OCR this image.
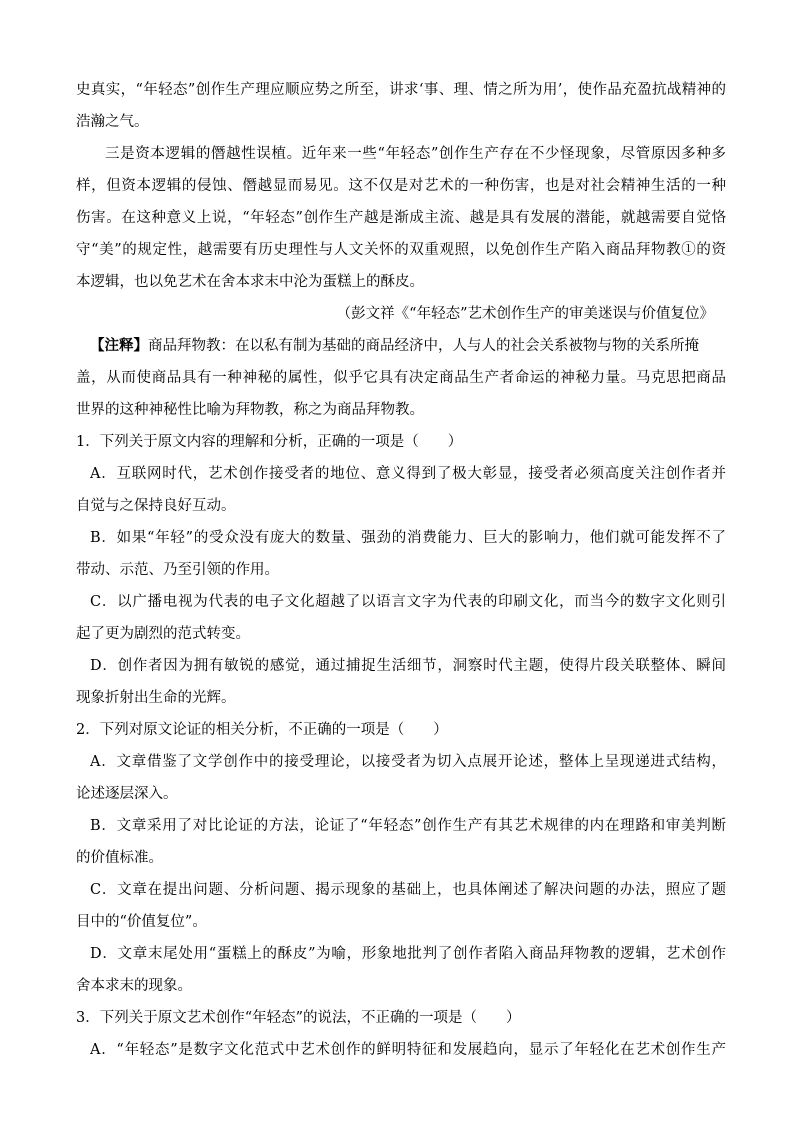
史真实，“年轻态”创作生产理应顺应势之所至，讲求‘事、理、情之所为用’，使作品充盈抗战精神的
浩瀚之气。
三是资本逻辑的僭越性误植。近年来一些“年轻态”创作生产存在不少怪现象，尽管原因多种多
样，但资本逻辑的侵蚀、僭越显而易见。这不仅是对艺术的一种伤害，也是对社会精神生活的一种
伤害。在这种意义上说，“年轻态”创作生产越是渐成主流、越是具有发展的潜能，就越需要自觉恪
守“美”的规定性，越需要有历史理性与人文关怀的双重观照，以免创作生产陷入商品拜物教①的资
本逻辑，也以免艺术在舍本求末中沦为蛋糕上的酥皮。
（彭文祥《“年轻态”艺术创作生产的审美迷误与价值复位》
【注释】商品拜物教：在以私有制为基础的商品经济中，人与人的社会关系被物与物的关系所掩
盖，从而使商品具有一种神秘的属性，似乎它具有决定商品生产者命运的神秘力量。马克思把商品
世界的这种神秘性比喻为拜物教，称之为商品拜物教。
1．下列关于原文内容的理解和分析，正确的一项是（　　）
A．互联网时代，艺术创作接受者的地位、意义得到了极大彰显，接受者必须高度关注创作者并
自觉与之保持良好互动。
B．如果“年轻”的受众没有庞大的数量、强劲的消费能力、巨大的影响力，他们就可能发挥不了
带动、示范、乃至引领的作用。
C．以广播电视为代表的电子文化超越了以语言文字为代表的印刷文化，而当今的数字文化则引
起了更为剧烈的范式转变。
D．创作者因为拥有敏锐的感觉，通过捕捉生活细节，洞察时代主题，使得片段关联整体、瞬间
现象折射出生命的光辉。
2．下列对原文论证的相关分析，不正确的一项是（　　）
A．文章借鉴了文学创作中的接受理论，以接受者为切入点展开论述，整体上呈现递进式结构，
论述逐层深入。
B．文章采用了对比论证的方法，论证了“年轻态”创作生产有其艺术规律的内在理路和审美判断
的价值标准。
C．文章在提出问题、分析问题、揭示现象的基础上，也具体阐述了解决问题的办法，照应了题
目中的“价值复位”。
D．文章末尾处用“蛋糕上的酥皮”为喻，形象地批判了创作者陷入商品拜物教的逻辑，艺术创作
舍本求末的现象。
3．下列关于原文艺术创作“年轻态”的说法，不正确的一项是（　　）
A．“年轻态”是数字文化范式中艺术创作的鲜明特征和发展趋向，显示了年轻化在艺术创作生产
